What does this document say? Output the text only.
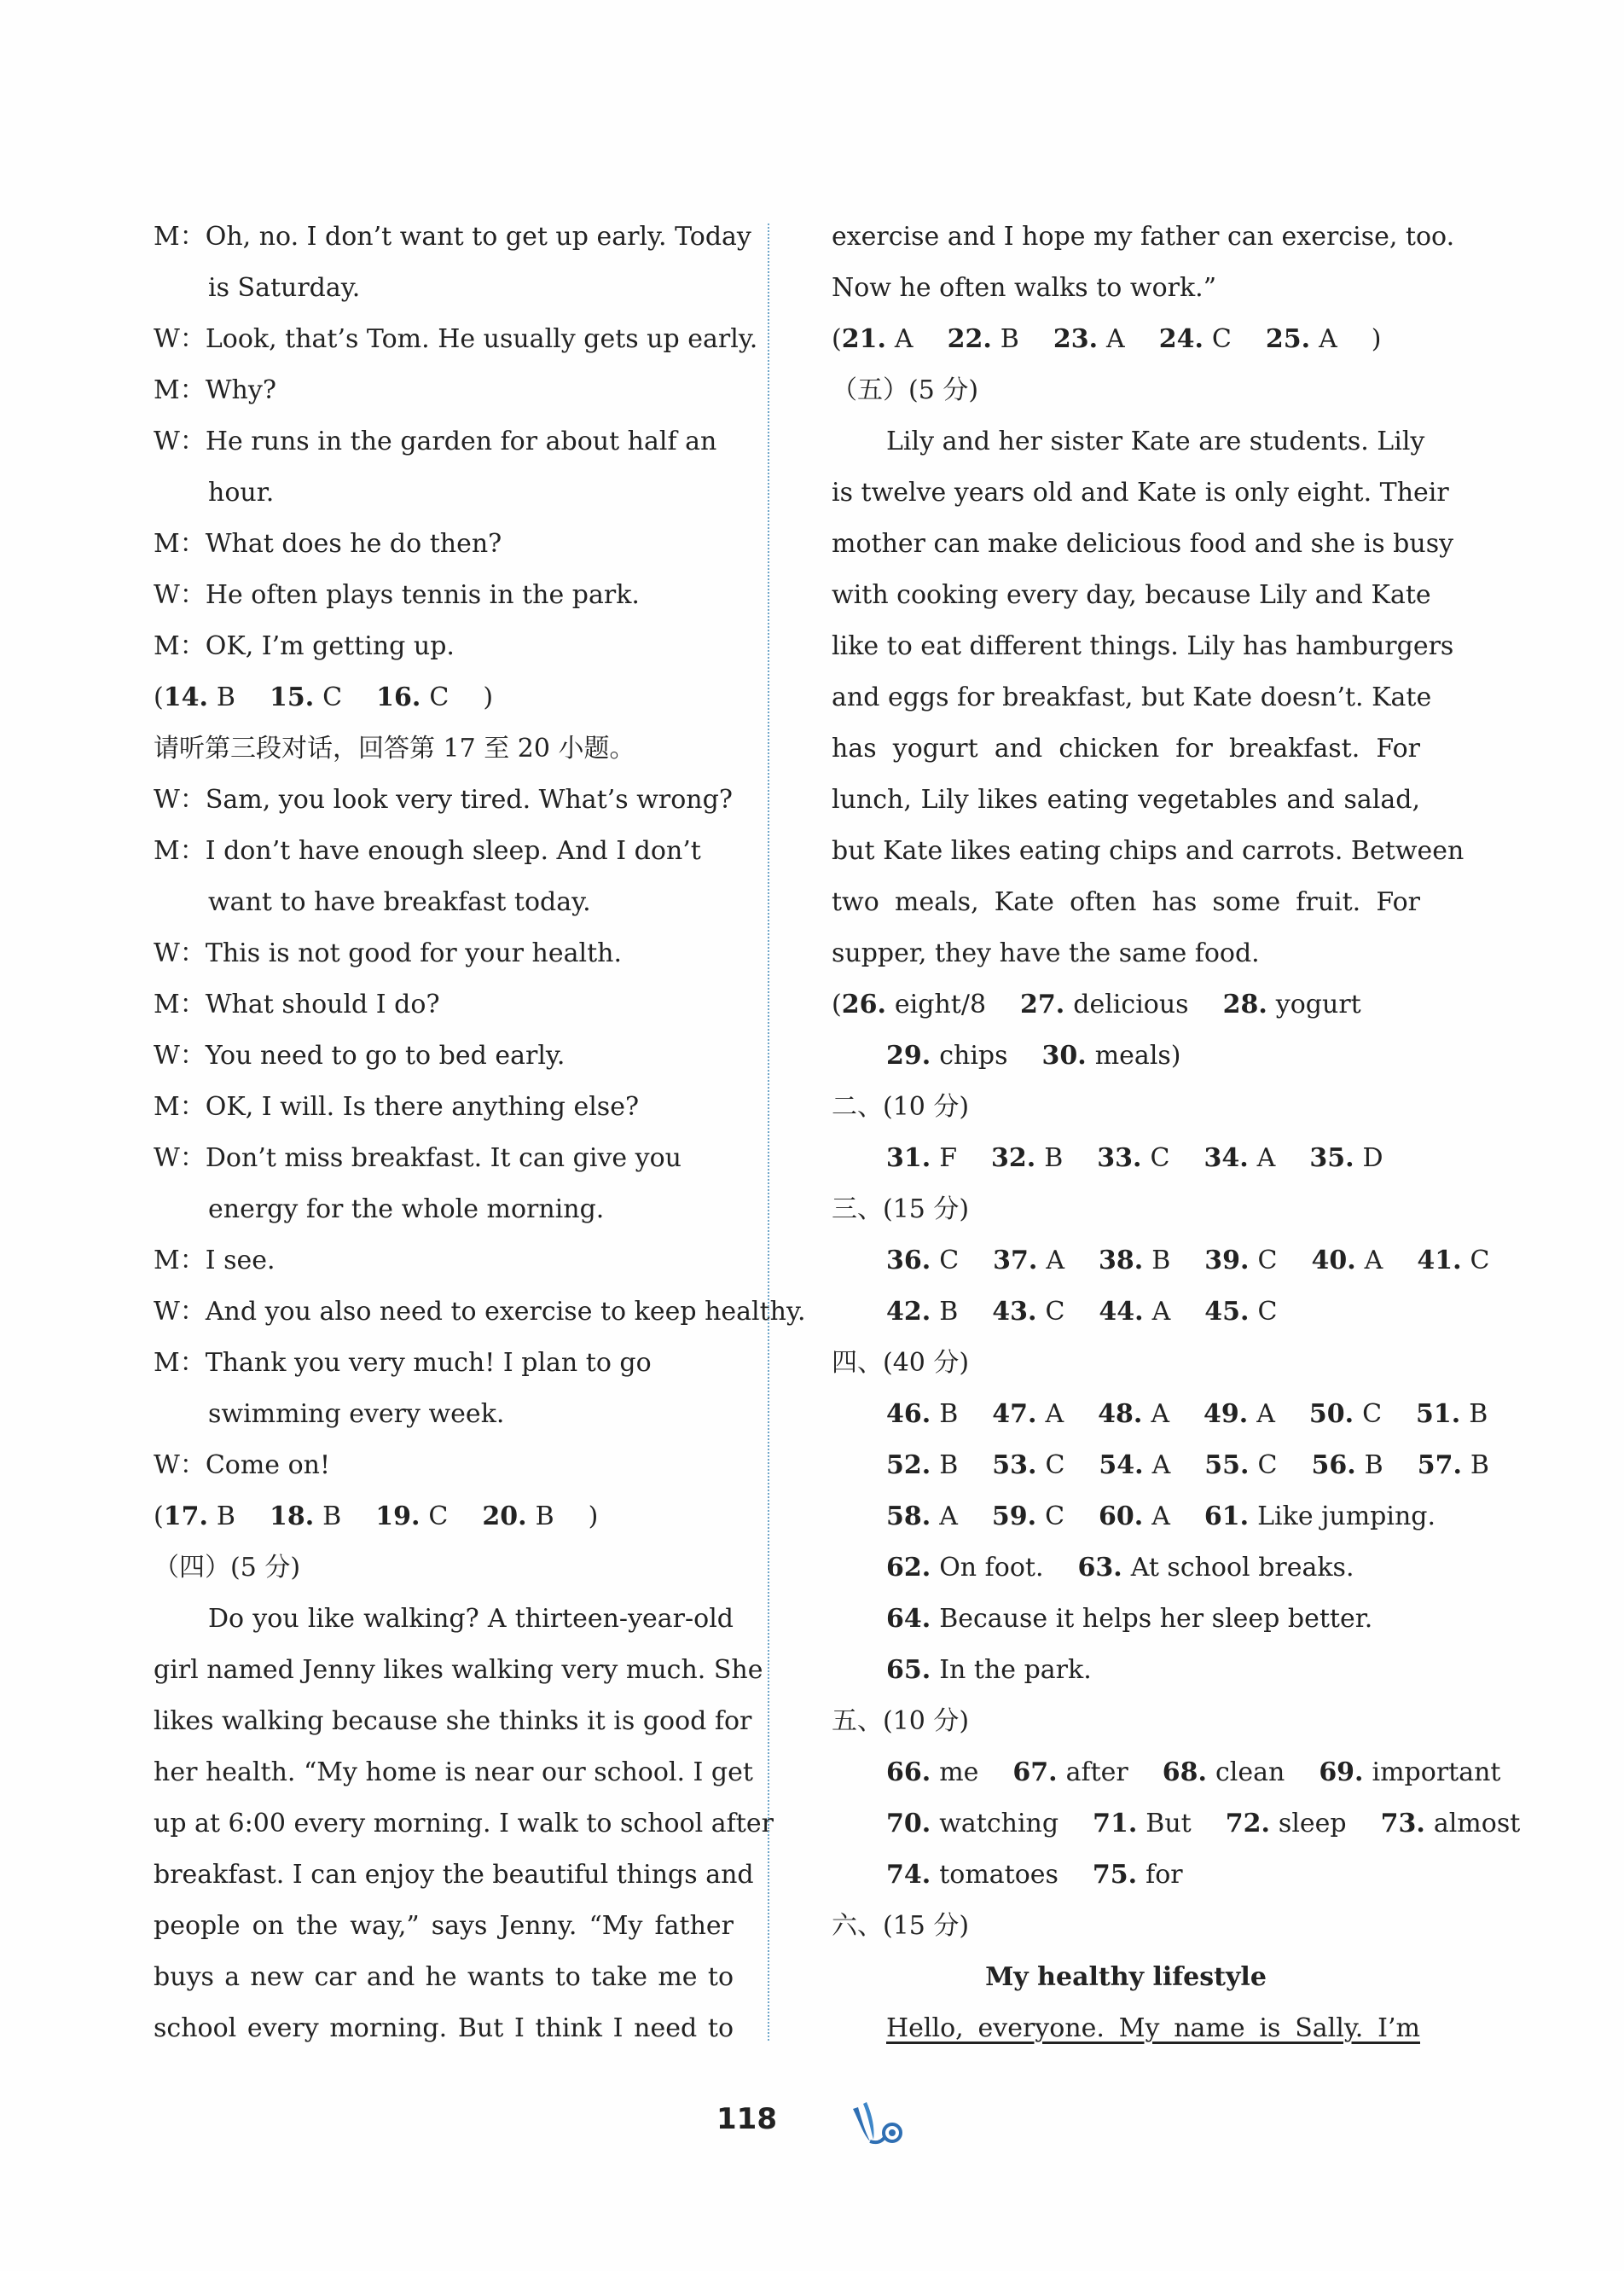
M：Oh, no. I don’t want to get up early. Today
is Saturday.
W：Look, that’s Tom. He usually gets up early.
M：Why?
W：He runs in the garden for about half an
hour.
M：What does he do then?
W：He often plays tennis in the park.
M：OK, I’m getting up.
(14. B 15. C 16. C )
请听第三段对话，回答第 17 至 20 小题。
W：Sam, you look very tired. What’s wrong?
M：I don’t have enough sleep. And I don’t
want to have breakfast today.
W：This is not good for your health.
M：What should I do?
W：You need to go to bed early.
M：OK, I will. Is there anything else?
W：Don’t miss breakfast. It can give you
energy for the whole morning.
M：I see.
W：And you also need to exercise to keep healthy.
M：Thank you very much! I plan to go
swimming every week.
W：Come on!
(17. B 18. B 19. C 20. B )
（四）(5 分)
Do you like walking? A thirteen-year-old
girl named Jenny likes walking very much. She
likes walking because she thinks it is good for
her health. “My home is near our school. I get
up at 6:00 every morning. I walk to school after
breakfast. I can enjoy the beautiful things and
people on the way,” says Jenny. “My father
buys a new car and he wants to take me to
school every morning. But I think I need to
exercise and I hope my father can exercise, too.
Now he often walks to work.”
(21. A 22. B 23. A 24. C 25. A )
（五）(5 分)
Lily and her sister Kate are students. Lily
is twelve years old and Kate is only eight. Their
mother can make delicious food and she is busy
with cooking every day, because Lily and Kate
like to eat different things. Lily has hamburgers
and eggs for breakfast, but Kate doesn’t. Kate
has yogurt and chicken for breakfast. For
lunch, Lily likes eating vegetables and salad,
but Kate likes eating chips and carrots. Between
two meals, Kate often has some fruit. For
supper, they have the same food.
(26. eight/8 27. delicious 28. yogurt
29. chips 30. meals)
二、(10 分)
31. F 32. B 33. C 34. A 35. D
三、(15 分)
36. C 37. A 38. B 39. C 40. A 41. C
42. B 43. C 44. A 45. C
四、(40 分)
46. B 47. A 48. A 49. A 50. C 51. B
52. B 53. C 54. A 55. C 56. B 57. B
58. A 59. C 60. A 61. Like jumping.
62. On foot. 63. At school breaks.
64. Because it helps her sleep better.
65. In the park.
五、(10 分)
66. me 67. after 68. clean 69. important
70. watching 71. But 72. sleep 73. almost
74. tomatoes 75. for
六、(15 分)
My healthy lifestyle
Hello, everyone. My name is Sally. I’m
118
